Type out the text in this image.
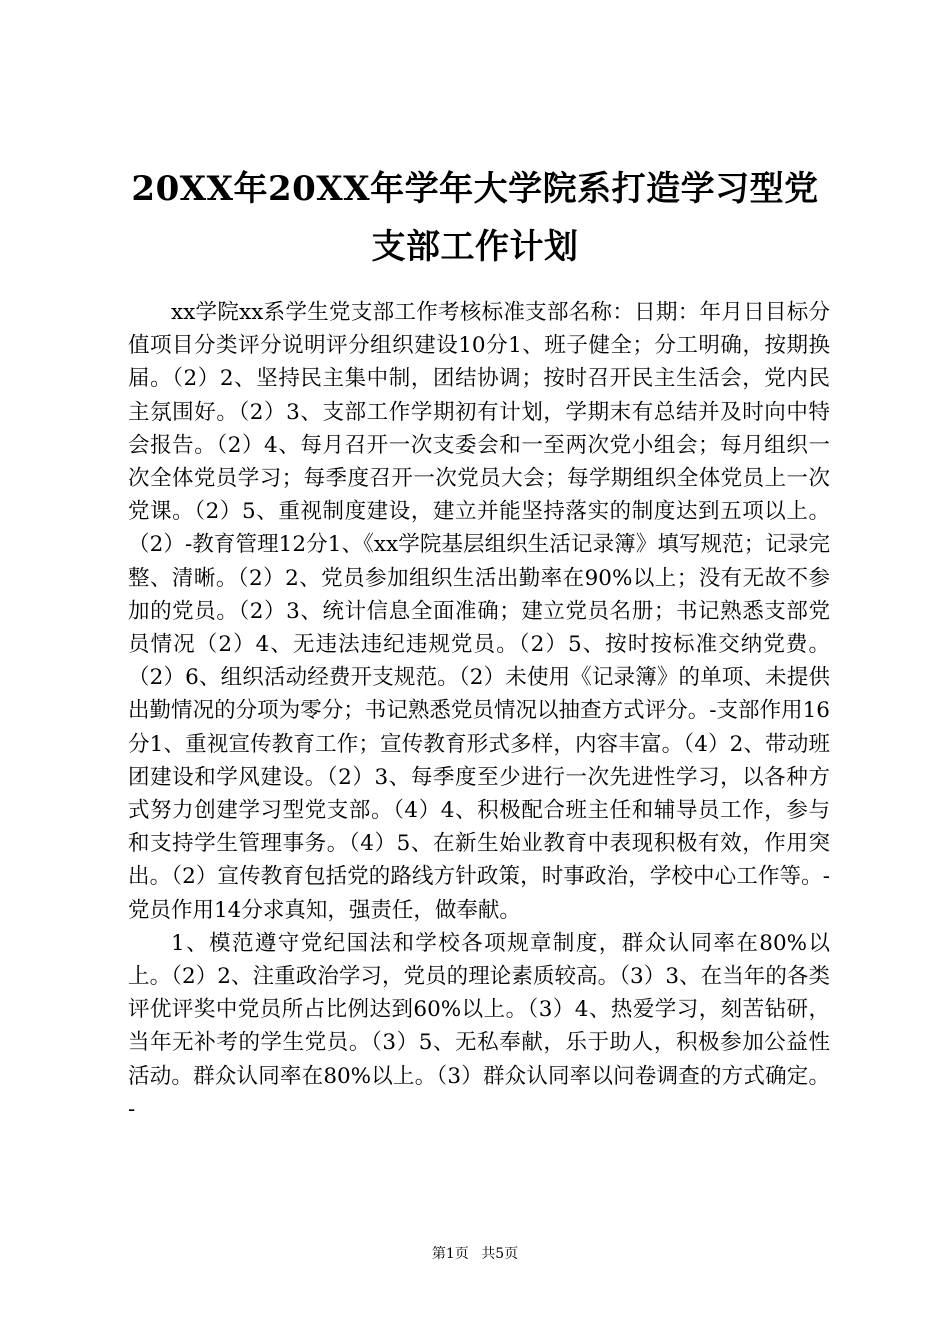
20XX年20XX年学年大学院系打造学习型党支部工作计划

xx学院xx系学生党支部工作考核标准支部名称：日期：年月日目标分值项目分类评分说明评分组织建设10分1、班子健全；分工明确，按期换届。（2）2、坚持民主集中制，团结协调；按时召开民主生活会，党内民主氛围好。（2）3、支部工作学期初有计划，学期末有总结并及时向中特会报告。（2）4、每月召开一次支委会和一至两次党小组会；每月组织一次全体党员学习；每季度召开一次党员大会；每学期组织全体党员上一次党课。（2）5、重视制度建设，建立并能坚持落实的制度达到五项以上。（2）-教育管理12分1、《xx学院基层组织生活记录簿》填写规范；记录完整、清晰。（2）2、党员参加组织生活出勤率在90%以上；没有无故不参加的党员。（2）3、统计信息全面准确；建立党员名册；书记熟悉支部党员情况（2）4、无违法违纪违规党员。（2）5、按时按标准交纳党费。（2）6、组织活动经费开支规范。（2）未使用《记录簿》的单项、未提供出勤情况的分项为零分；书记熟悉党员情况以抽查方式评分。-支部作用16分1、重视宣传教育工作；宣传教育形式多样，内容丰富。（4）2、带动班团建设和学风建设。（2）3、每季度至少进行一次先进性学习，以各种方式努力创建学习型党支部。（4）4、积极配合班主任和辅导员工作，参与和支持学生管理事务。（4）5、在新生始业教育中表现积极有效，作用突出。（2）宣传教育包括党的路线方针政策，时事政治，学校中心工作等。-党员作用14分求真知，强责任，做奉献。

1、模范遵守党纪国法和学校各项规章制度，群众认同率在80%以上。（2）2、注重政治学习，党员的理论素质较高。（3）3、在当年的各类评优评奖中党员所占比例达到60%以上。（3）4、热爱学习，刻苦钻研，当年无补考的学生党员。（3）5、无私奉献，乐于助人，积极参加公益性活动。群众认同率在80%以上。（3）群众认同率以问卷调查的方式确定。-

第1页 共5页
